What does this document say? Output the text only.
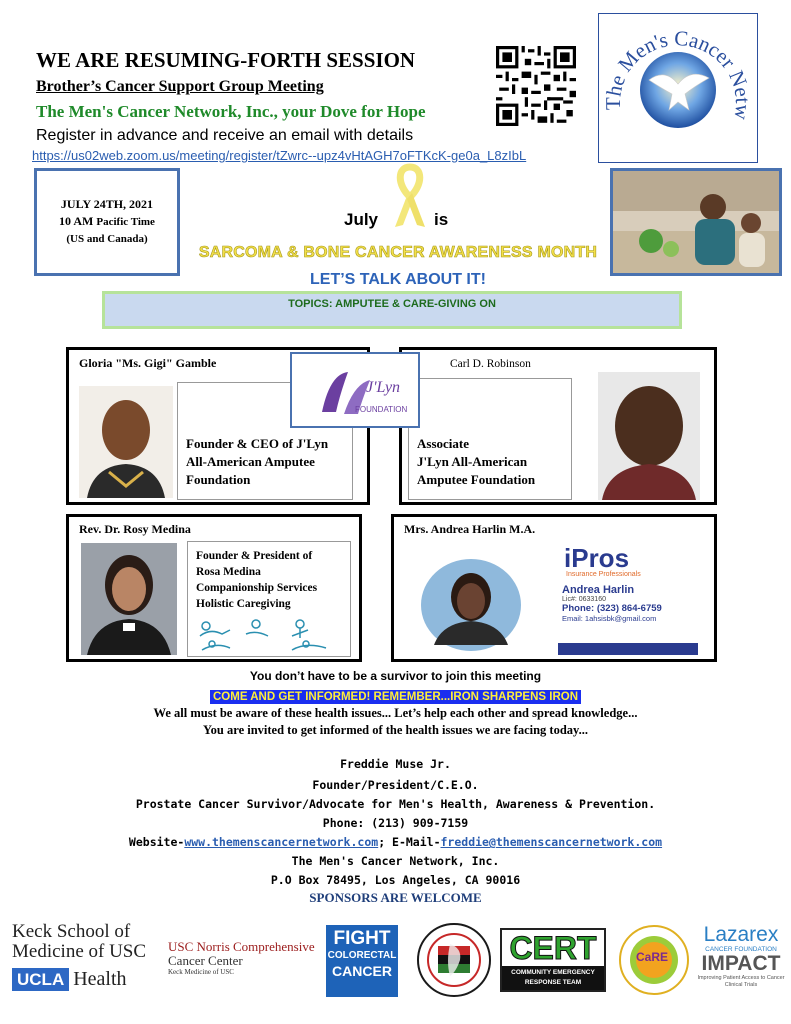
WE ARE RESUMING-FORTH SESSION
Brother’s Cancer Support Group Meeting
The Men's Cancer Network, Inc., your Dove for Hope
Register in advance and receive an email with details
https://us02web.zoom.us/meeting/register/tZwrc--upz4vHtAGH7oFTKcK-ge0a_L8zIbL
The Men's Cancer Netw
JULY 24TH, 2021
10 AM Pacific Time
(US and Canada)
July	is
SARCOMA & BONE CANCER AWARENESS MONTH
LET’S TALK ABOUT IT!
TOPICS: AMPUTEE & CARE-GIVING ON
Gloria "Ms. Gigi" Gamble
Founder & CEO of J'Lyn
All-American Amputee
Foundation
Associate
J'Lyn All-American
Amputee Foundation
Carl D. Robinson
J'Lyn
FOUNDATION
Rev. Dr. Rosy Medina
Founder & President of
Rosa Medina
Companionship Services
Holistic Caregiving
Mrs. Andrea Harlin M.A.
iPros
Insurance Professionals
Andrea Harlin
Lic#: 0633160
Phone: (323) 864-6759
Email: 1ahsisbk@gmail.com
You don’t have to be a survivor to join this meeting
COME AND GET INFORMED! REMEMBER...IRON SHARPENS IRON
We all must be aware of these health issues... Let’s help each other and spread knowledge...
You are invited to get informed of the health issues we are facing today...
Freddie Muse Jr.
Founder/President/C.E.O.
Prostate Cancer Survivor/Advocate for Men's Health, Awareness & Prevention.
Phone: (213) 909-7159
Website-www.themenscancernetwork.com; E-Mail-freddie@themenscancernetwork.com
The Men's Cancer Network, Inc.
P.O Box 78495, Los Angeles, CA 90016
SPONSORS ARE WELCOME
Keck School of
Medicine of USC
UCLA Health
USC Norris Comprehensive
Cancer Center
Keck Medicine of USC
FIGHT
COLORECTAL
CANCER
CERT
COMMUNITY EMERGENCY RESPONSE TEAM
CaRE
Lazarex
CANCER FOUNDATION
IMPACT
Improving Patient Access to Cancer Clinical Trials
